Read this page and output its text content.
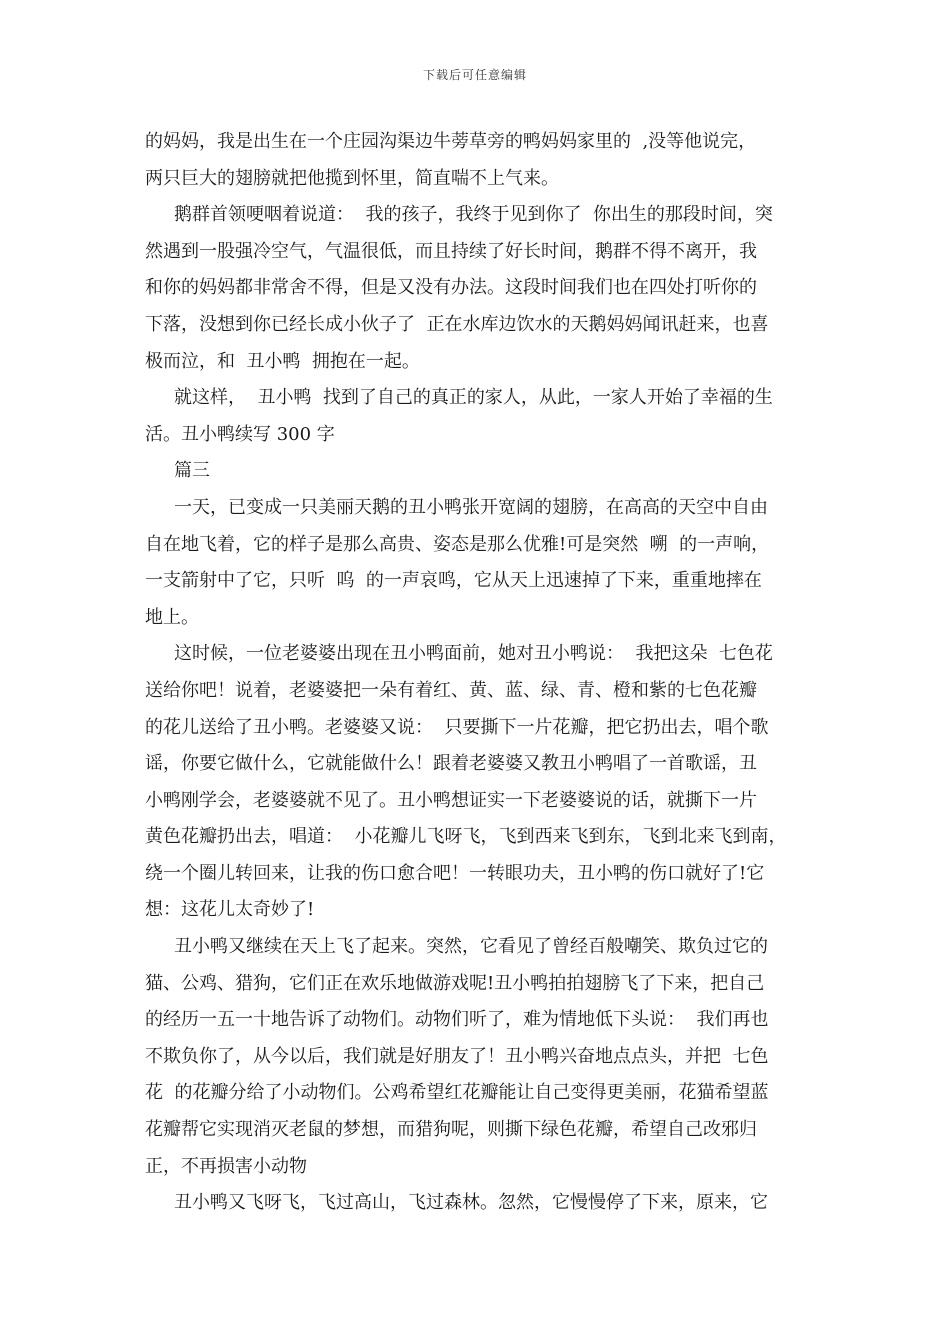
下载后可任意编辑
的妈妈，我是出生在一个庄园沟渠边牛蒡草旁的鸭妈妈家里的  ,没等他说完，
两只巨大的翅膀就把他揽到怀里，简直喘不上气来。
鹅群首领哽咽着说道：  我的孩子，我终于见到你了  你出生的那段时间，突
然遇到一股强冷空气，气温很低，而且持续了好长时间，鹅群不得不离开，我
和你的妈妈都非常舍不得，但是又没有办法。这段时间我们也在四处打听你的
下落，没想到你已经长成小伙子了  正在水库边饮水的天鹅妈妈闻讯赶来，也喜
极而泣，和  丑小鸭  拥抱在一起。
就这样，  丑小鸭  找到了自己的真正的家人，从此，一家人开始了幸福的生
活。丑小鸭续写 300 字
篇三
一天，已变成一只美丽天鹅的丑小鸭张开宽阔的翅膀，在高高的天空中自由
自在地飞着，它的样子是那么高贵、姿态是那么优雅!可是突然  嗍  的一声响，
一支箭射中了它，只听  呜  的一声哀鸣，它从天上迅速掉了下来，重重地摔在
地上。
这时候，一位老婆婆出现在丑小鸭面前，她对丑小鸭说：  我把这朵  七色花
送给你吧！说着，老婆婆把一朵有着红、黄、蓝、绿、青、橙和紫的七色花瓣
的花儿送给了丑小鸭。老婆婆又说：  只要撕下一片花瓣，把它扔出去，唱个歌
谣，你要它做什么，它就能做什么！跟着老婆婆又教丑小鸭唱了一首歌谣，丑
小鸭刚学会，老婆婆就不见了。丑小鸭想证实一下老婆婆说的话，就撕下一片
黄色花瓣扔出去，唱道：  小花瓣儿飞呀飞，飞到西来飞到东，飞到北来飞到南，
绕一个圈儿转回来，让我的伤口愈合吧！一转眼功夫，丑小鸭的伤口就好了!它
想：这花儿太奇妙了!
丑小鸭又继续在天上飞了起来。突然，它看见了曾经百般嘲笑、欺负过它的
猫、公鸡、猎狗，它们正在欢乐地做游戏呢!丑小鸭拍拍翅膀飞了下来，把自己
的经历一五一十地告诉了动物们。动物们听了，难为情地低下头说：  我们再也
不欺负你了，从今以后，我们就是好朋友了！丑小鸭兴奋地点点头，并把  七色
花  的花瓣分给了小动物们。公鸡希望红花瓣能让自己变得更美丽，花猫希望蓝
花瓣帮它实现消灭老鼠的梦想，而猎狗呢，则撕下绿色花瓣，希望自己改邪归
正，不再损害小动物
丑小鸭又飞呀飞，飞过高山，飞过森林。忽然，它慢慢停了下来，原来，它
